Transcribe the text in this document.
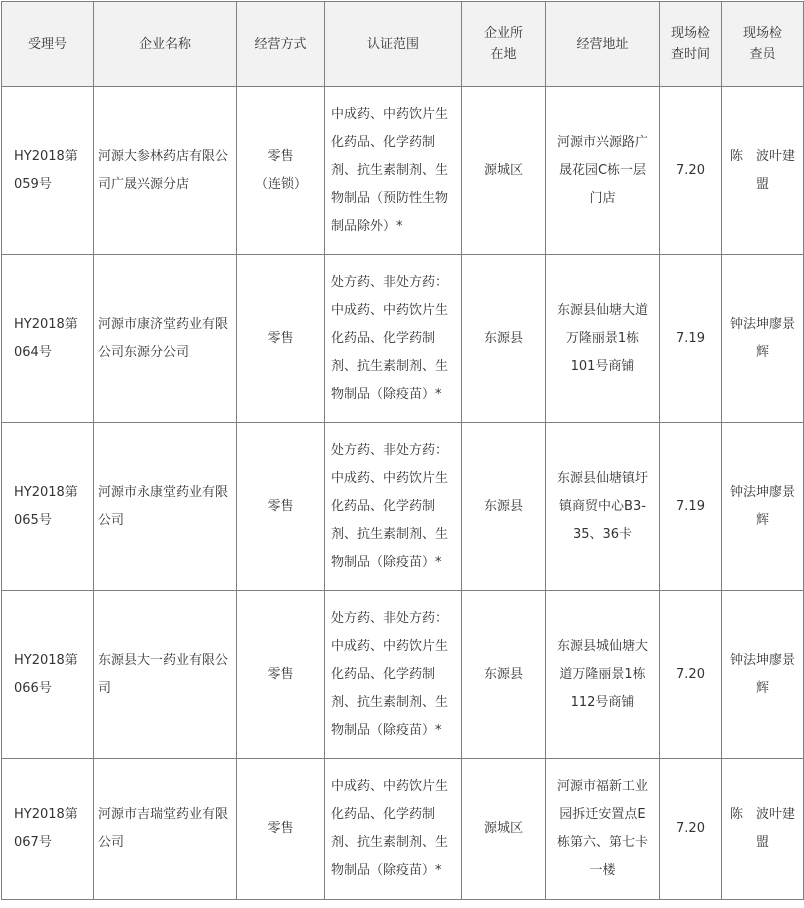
受理号	企业名称	经营方式	认证范围	企业所在地	经营地址	现场检查时间	现场检查员
HY2018第059号	河源大参林药店有限公司广晟兴源分店	零售（连锁）	中成药、中药饮片生化药品、化学药制剂、抗生素制剂、生物制品（预防性生物制品除外）*	源城区	河源市兴源路广晟花园C栋一层门店	7.20	陈　波叶建盟
HY2018第064号	河源市康济堂药业有限公司东源分公司	零售	处方药、非处方药：中成药、中药饮片生化药品、化学药制剂、抗生素制剂、生物制品（除疫苗）*	东源县	东源县仙塘大道万隆丽景1栋101号商铺	7.19	钟法坤廖景辉
HY2018第065号	河源市永康堂药业有限公司	零售	处方药、非处方药：中成药、中药饮片生化药品、化学药制剂、抗生素制剂、生物制品（除疫苗）*	东源县	东源县仙塘镇圩镇商贸中心B3-35、36卡	7.19	钟法坤廖景辉
HY2018第066号	东源县大一药业有限公司	零售	处方药、非处方药：中成药、中药饮片生化药品、化学药制剂、抗生素制剂、生物制品（除疫苗）*	东源县	东源县城仙塘大道万隆丽景1栋112号商铺	7.20	钟法坤廖景辉
HY2018第067号	河源市吉瑞堂药业有限公司	零售	中成药、中药饮片生化药品、化学药制剂、抗生素制剂、生物制品（除疫苗）*	源城区	河源市福新工业园拆迁安置点E栋第六、第七卡一楼	7.20	陈　波叶建盟
